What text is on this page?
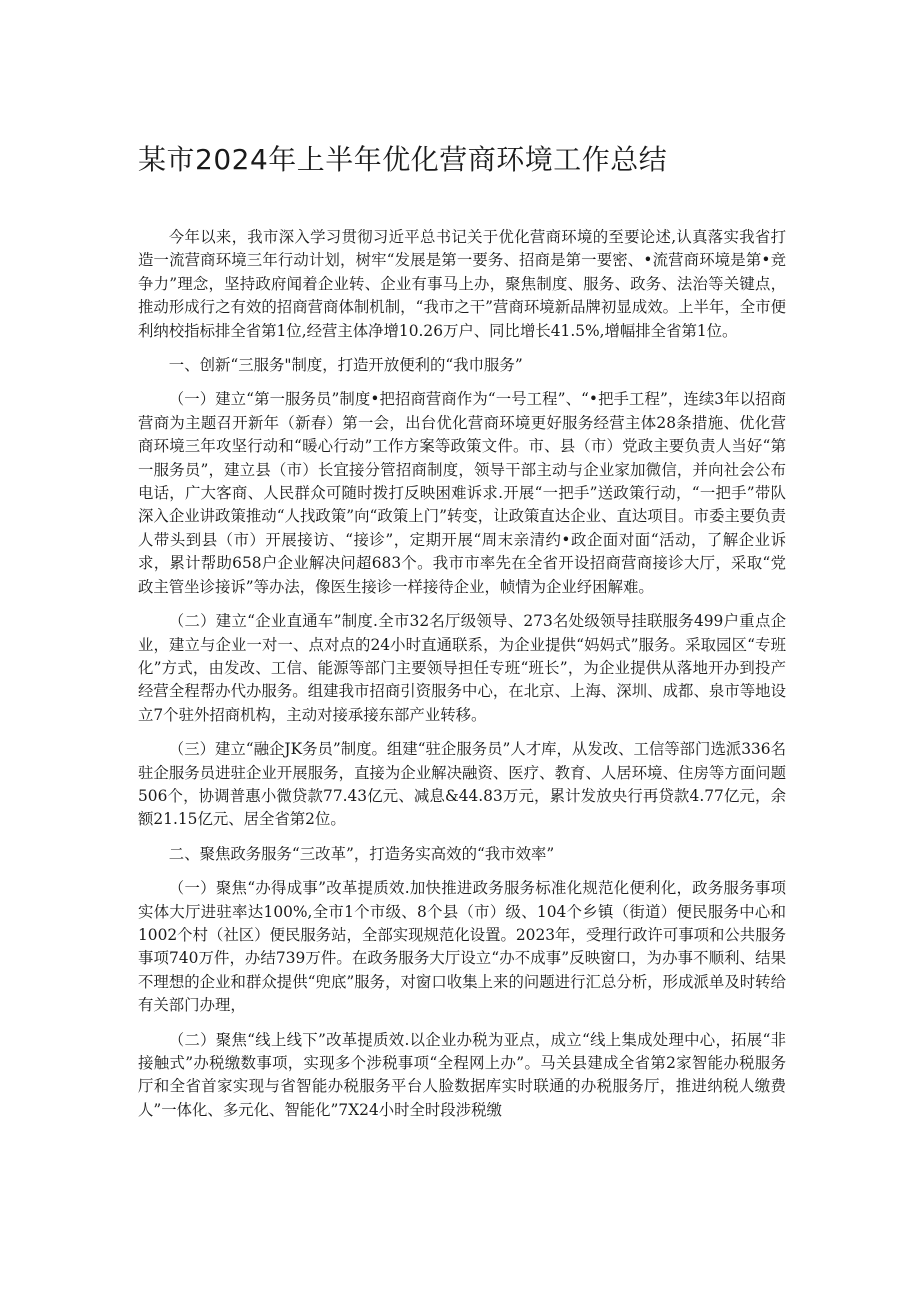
某市2024年上半年优化营商环境工作总结

今年以来，我市深入学习贯彻习近平总书记关于优化营商环境的至要论述,认真落实我省打造一流营商环境三年行动计划，树牢“发展是第一要务、招商是第一要密、•流营商环境是第•竞争力”理念，坚持政府闻着企业转、企业有事马上办，聚焦制度、服务、政务、法治等关键点，推动形成行之有效的招商营商体制机制，“我市之干”营商环境新品牌初显成效。上半年，全市便利纳校指标排全省第1位,经营主体净增10.26万户、同比增长41.5%,增幅排全省第1位。

一、创新“三服务"制度，打造开放便利的“我巾服务”

（一）建立“第一服务员”制度•把招商营商作为“一号工程”、“•把手工程”，连续3年以招商营商为主题召开新年（新春）第一会，出台优化营商环境更好服务经营主体28条措施、优化营商环境三年攻坚行动和“暖心行动”工作方案等政策文件。市、县（市）党政主要负责人当好“第一服务员”，建立县（市）长宜接分管招商制度，领导干部主动与企业家加微信，并向社会公布电话，广大客商、人民群众可随时拨打反映困难诉求.开展“一把手”送政策行动，“一把手”带队深入企业讲政策推动“人找政策”向“政策上门”转变，让政策直达企业、直达项目。市委主要负责人带头到县（市）开展接访、“接诊”，定期开展“周末亲清约•政企面对面“活动，了解企业诉求，累计帮助658户企业解决问超683个。我市市率先在全省开设招商营商接诊大厅，采取“党政主管坐诊接诉”等办法，像医生接诊一样接待企业，帧情为企业纾困解难。

（二）建立“企业直通车”制度.全市32名厅级领导、273名处级领导挂联服务499户重点企业，建立与企业一对一、点对点的24小时直通联系，为企业提供“妈妈式”服务。采取园区“专班化”方式，由发改、工信、能源等部门主要领导担任专班“班长”，为企业提供从落地开办到投产经营全程帮办代办服务。组建我市招商引资服务中心，在北京、上海、深圳、成都、泉市等地设立7个驻外招商机构，主动对接承接东部产业转移。

（三）建立“融企JK务员”制度。组建“驻企服务员”人才库，从发改、工信等部门选派336名驻企服务员进驻企业开展服务，直接为企业解决融资、医疗、教育、人居环境、住房等方面问题506个，协调普惠小微贷款77.43亿元、减息&44.83万元，累计发放央行再贷款4.77亿元，余额21.15亿元、居全省第2位。

二、聚焦政务服务“三改革”，打造务实高效的“我市效率”

（一）聚焦“办得成事”改革提质效.加快推进政务服务标准化规范化便利化，政务服务事项实体大厅进驻率达100%,全市1个市级、8个县（市）级、104个乡镇（街道）便民服务中心和1002个村（社区）便民服务站，全部实现规范化设置。2023年，受理行政许可事项和公共服务事项740万件，办结739万件。在政务服务大厅设立“办不成事”反映窗口，为办事不顺利、结果不理想的企业和群众提供“兜底”服务，对窗口收集上来的问题进行汇总分析，形成派单及时转给有关部门办理，

（二）聚焦“线上线下”改革提质效.以企业办税为亚点，成立“线上集成处理中心，拓展“非接触式”办税缴数事项，实现多个涉税事项“全程网上办”。马关县建成全省第2家智能办税服务厅和全省首家实现与省智能办税服务平台人脸数据库实时联通的办税服务厅，推进纳税人缴费人”一体化、多元化、智能化”7X24小时全时段涉税缴
